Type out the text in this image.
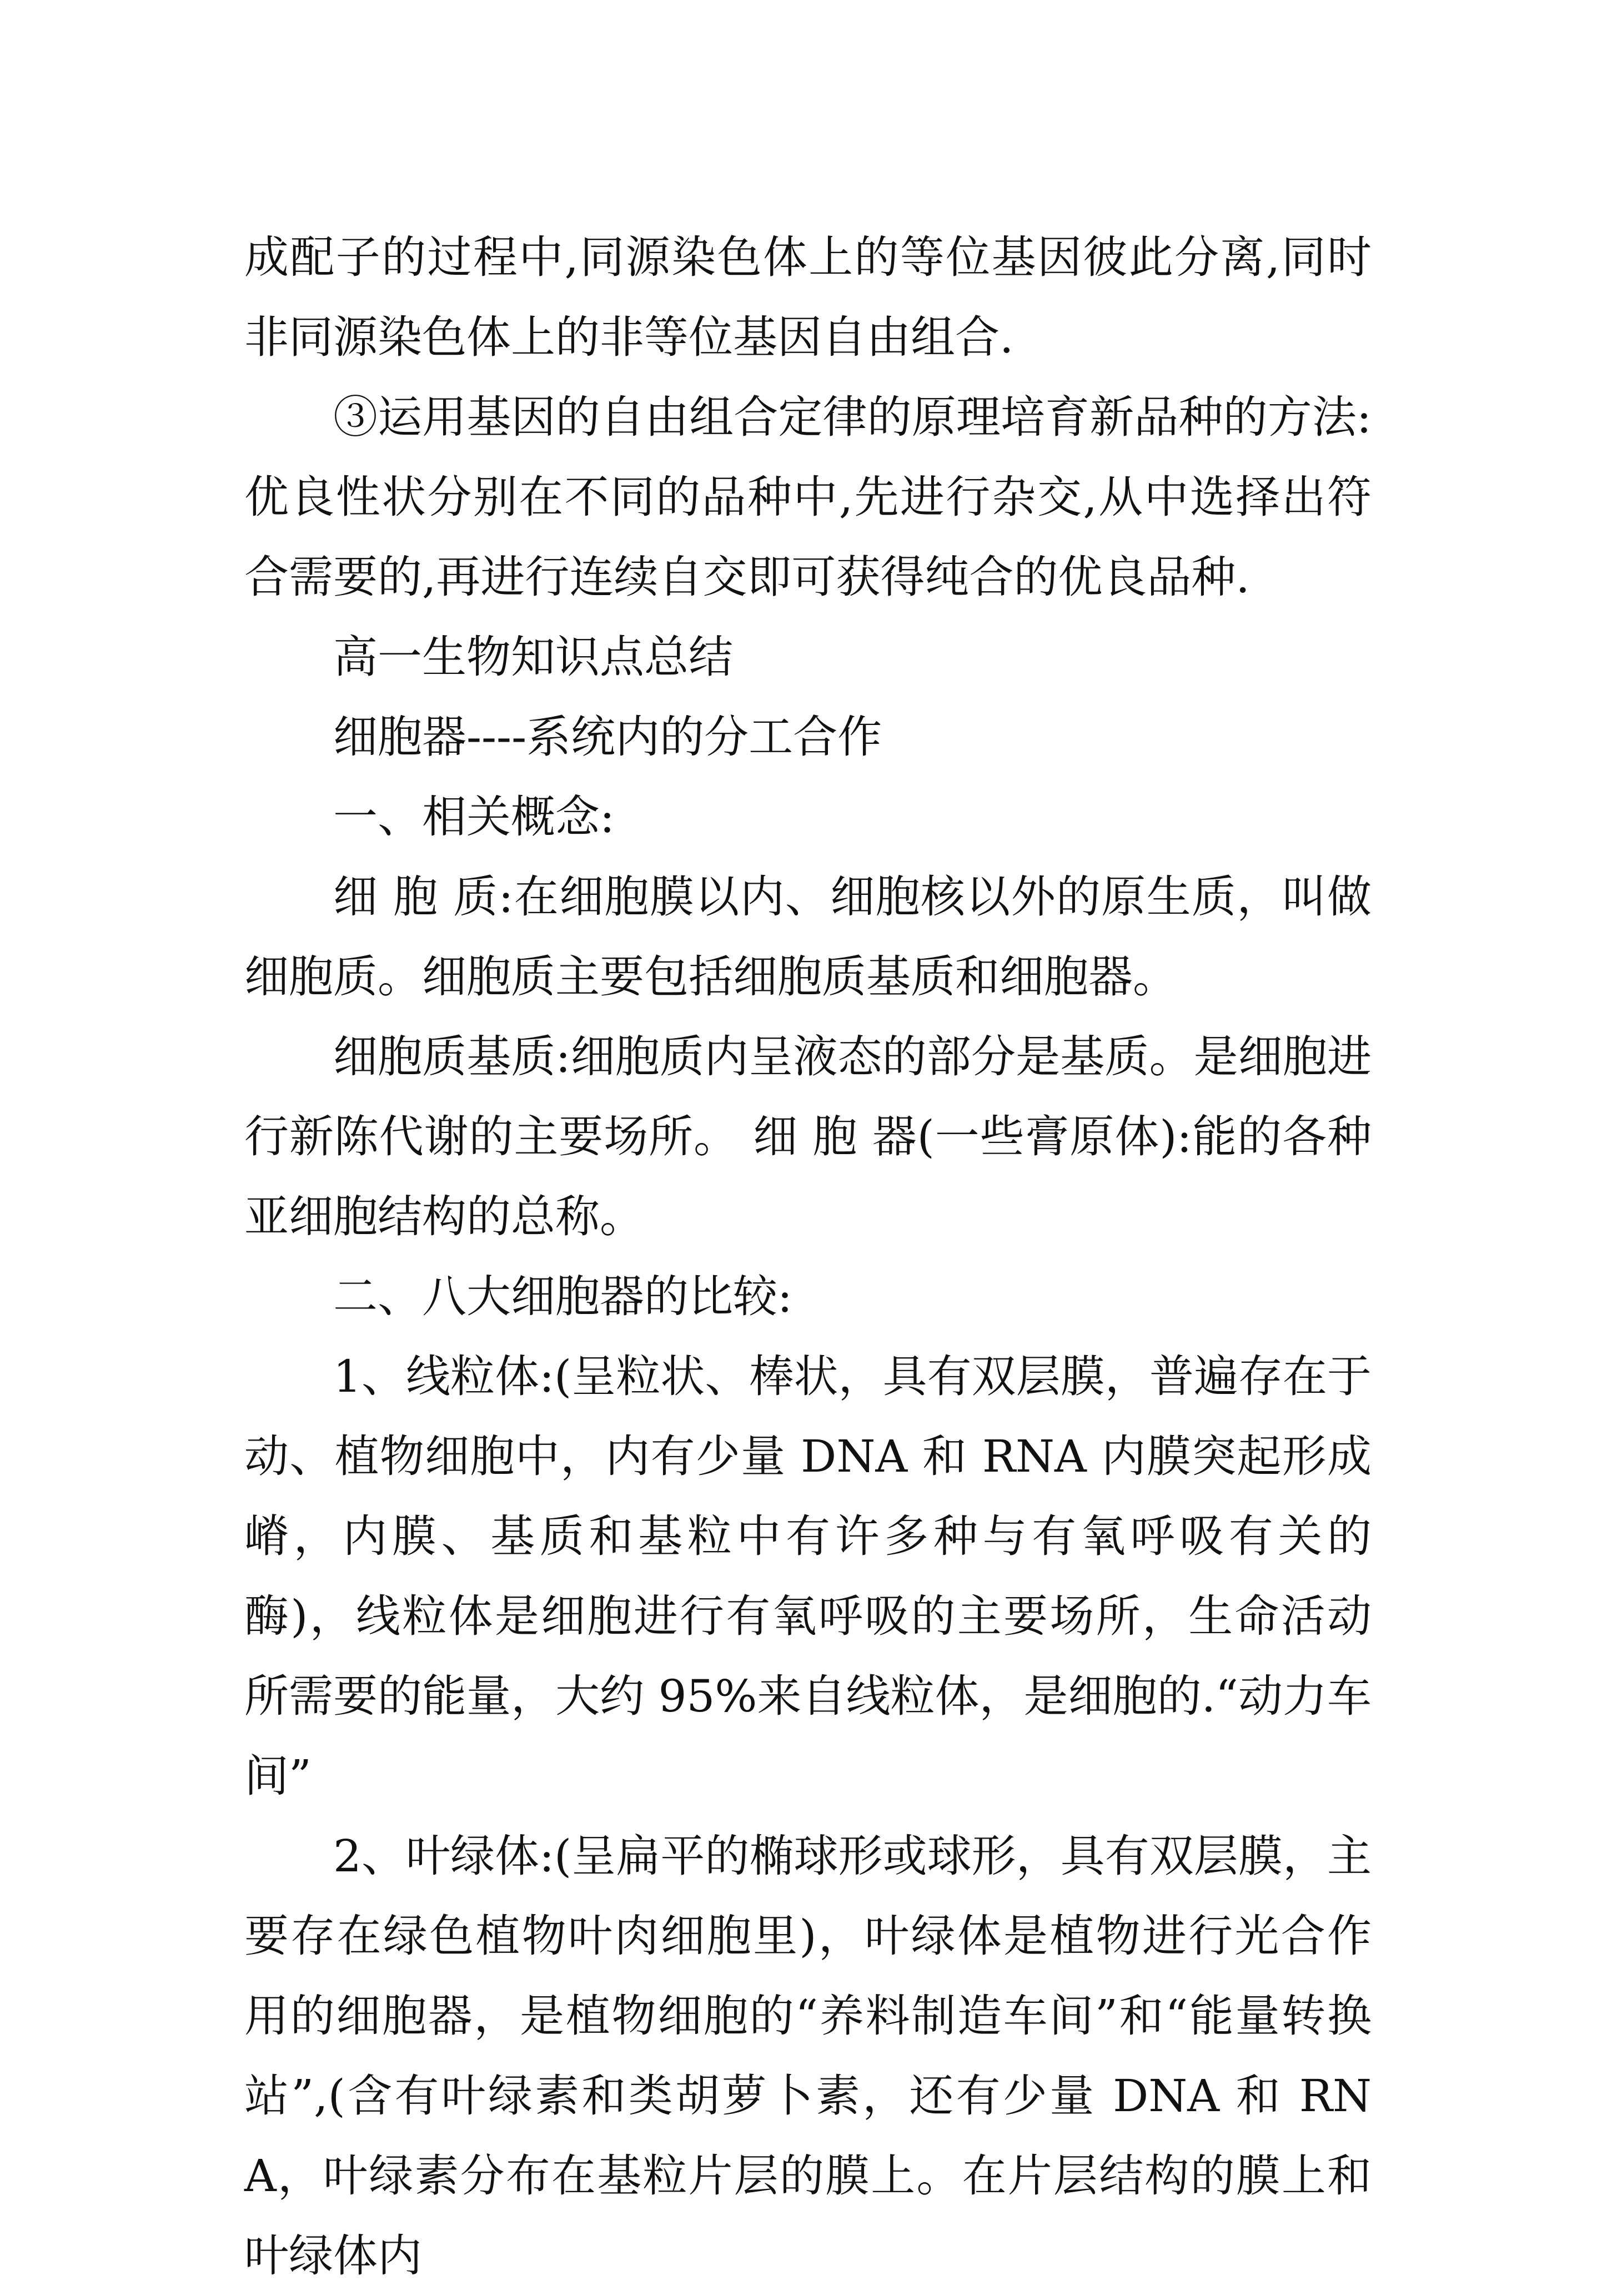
成配子的过程中,同源染色体上的等位基因彼此分离,同时非同源染色体上的非等位基因自由组合.

③运用基因的自由组合定律的原理培育新品种的方法:优良性状分别在不同的品种中,先进行杂交,从中选择出符合需要的,再进行连续自交即可获得纯合的优良品种.

高一生物知识点总结

细胞器----系统内的分工合作

一、相关概念:

细 胞 质:在细胞膜以内、细胞核以外的原生质，叫做细胞质。细胞质主要包括细胞质基质和细胞器。

细胞质基质:细胞质内呈液态的部分是基质。是细胞进行新陈代谢的主要场所。 细 胞 器(一些膏原体):能的各种亚细胞结构的总称。

二、八大细胞器的比较:

1、线粒体:(呈粒状、棒状，具有双层膜，普遍存在于动、植物细胞中，内有少量 DNA 和 RNA 内膜突起形成嵴，内膜、基质和基粒中有许多种与有氧呼吸有关的酶)，线粒体是细胞进行有氧呼吸的主要场所，生命活动所需要的能量，大约 95%来自线粒体，是细胞的.“动力车间”

2、叶绿体:(呈扁平的椭球形或球形，具有双层膜，主要存在绿色植物叶肉细胞里)，叶绿体是植物进行光合作用的细胞器，是植物细胞的“养料制造车间”和“能量转换站”,(含有叶绿素和类胡萝卜素，还有少量 DNA 和 RNA，叶绿素分布在基粒片层的膜上。在片层结构的膜上和叶绿体内
